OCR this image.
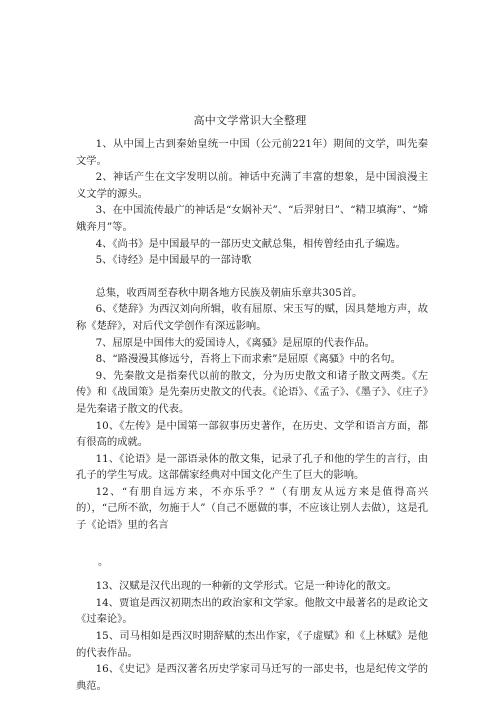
高中文学常识大全整理

1、从中国上古到秦始皇统一中国（公元前221年）期间的文学，叫先秦文学。

2、神话产生在文字发明以前。神话中充满了丰富的想象，是中国浪漫主义文学的源头。

3、在中国流传最广的神话是“女娲补天”、“后羿射日”、“精卫填海”、“嫦娥奔月”等。

4、《尚书》是中国最早的一部历史文献总集，相传曾经由孔子编选。

5、《诗经》是中国最早的一部诗歌

总集，收西周至春秋中期各地方民族及朝庙乐章共305首。

6、《楚辞》为西汉刘向所辑，收有屈原、宋玉写的赋，因具楚地方声，故称《楚辞》，对后代文学创作有深远影响。

7、屈原是中国伟大的爱国诗人，《离骚》是屈原的代表作品。

8、“路漫漫其修远兮，吾将上下而求索”是屈原《离骚》中的名句。

9、先秦散文是指秦代以前的散文，分为历史散文和诸子散文两类。《左传》和《战国策》是先秦历史散文的代表。《论语》、《孟子》、《墨子》、《庄子》是先秦诸子散文的代表。

10、《左传》是中国第一部叙事历史著作，在历史、文学和语言方面，都有很高的成就。

11、《论语》是一部语录体的散文集，记录了孔子和他的学生的言行，由孔子的学生写成。这部儒家经典对中国文化产生了巨大的影响。

12、“有朋自远方来，不亦乐乎？”（有朋友从远方来是值得高兴的），“己所不欲，勿施于人”（自己不愿做的事，不应该让别人去做），这是孔子《论语》里的名言

。

13、汉赋是汉代出现的一种新的文学形式。它是一种诗化的散文。

14、贾谊是西汉初期杰出的政治家和文学家。他散文中最著名的是政论文《过秦论》。

15、司马相如是西汉时期辞赋的杰出作家，《子虚赋》和《上林赋》是他的代表作品。

16、《史记》是西汉著名历史学家司马迁写的一部史书，也是纪传文学的典范。
